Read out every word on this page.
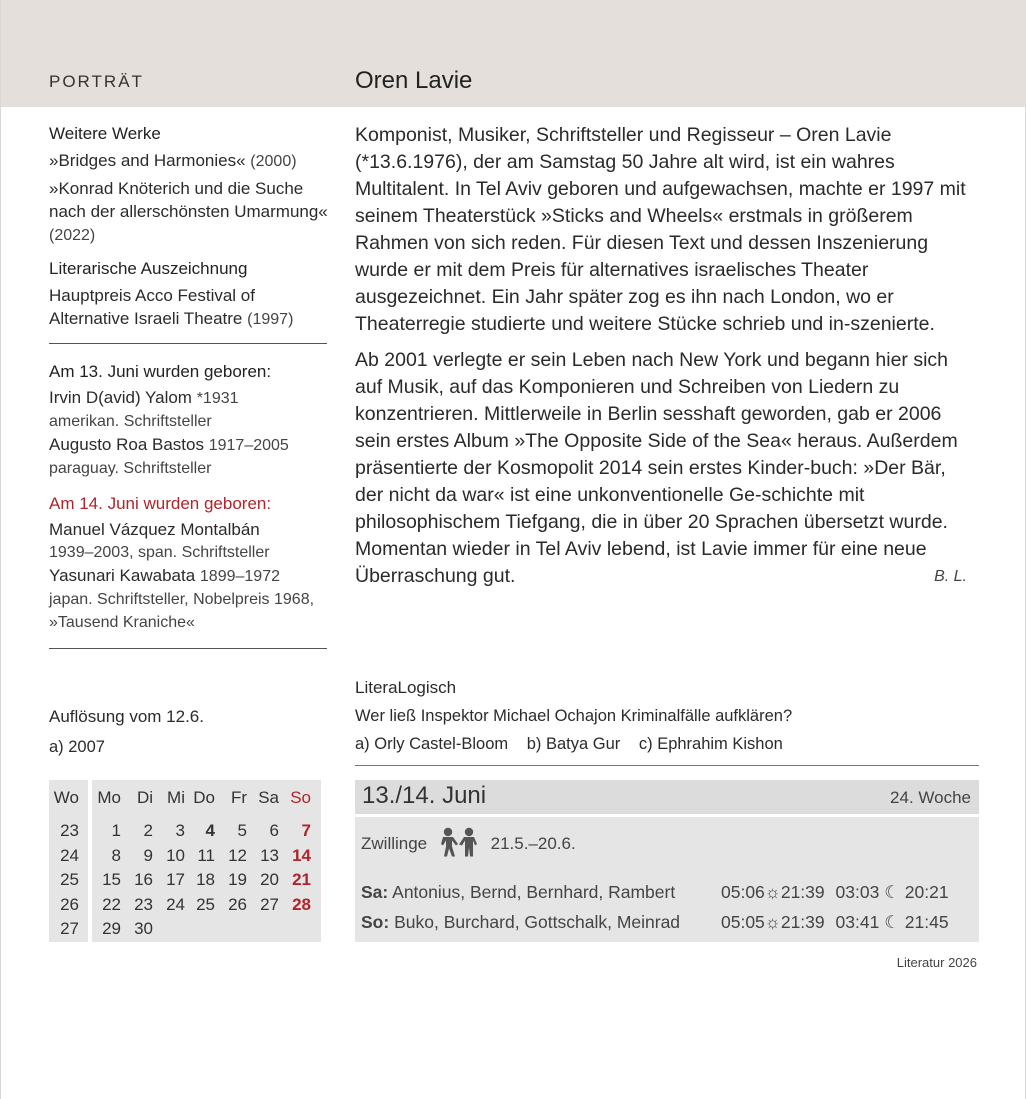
PORTRÄT	Oren Lavie
Weitere Werke
»Bridges and Harmonies« (2000)
»Konrad Knöterich und die Suche nach der allerschönsten Umarmung« (2022)
Literarische Auszeichnung
Hauptpreis Acco Festival of Alternative Israeli Theatre (1997)
Am 13. Juni wurden geboren:
Irvin D(avid) Yalom *1931
amerikan. Schriftsteller
Augusto Roa Bastos 1917–2005
paraguay. Schriftsteller
Am 14. Juni wurden geboren:
Manuel Vázquez Montalbán
1939–2003, span. Schriftsteller
Yasunari Kawabata 1899–1972
japan. Schriftsteller, Nobelpreis 1968, »Tausend Kraniche«

Komponist, Musiker, Schriftsteller und Regisseur – Oren Lavie (*13.6.1976), der am Samstag 50 Jahre alt wird, ist ein wahres Multitalent. In Tel Aviv geboren und aufgewachsen, machte er 1997 mit seinem Theaterstück »Sticks and Wheels« erstmals in größerem Rahmen von sich reden. Für diesen Text und dessen Inszenierung wurde er mit dem Preis für alternatives israelisches Theater ausgezeichnet. Ein Jahr später zog es ihn nach London, wo er Theaterregie studierte und weitere Stücke schrieb und in-szenierte.

Ab 2001 verlegte er sein Leben nach New York und begann hier sich auf Musik, auf das Komponieren und Schreiben von Liedern zu konzentrieren. Mittlerweile in Berlin sesshaft geworden, gab er 2006 sein erstes Album »The Opposite Side of the Sea« heraus. Außerdem präsentierte der Kosmopolit 2014 sein erstes Kinder-buch: »Der Bär, der nicht da war« ist eine unkonventionelle Ge-schichte mit philosophischem Tiefgang, die in über 20 Sprachen übersetzt wurde. Momentan wieder in Tel Aviv lebend, ist Lavie immer für eine neue Überraschung gut.	B. L.

LiteraLogisch
Wer ließ Inspektor Michael Ochajon Kriminalfälle aufklären?
a) Orly Castel-Bloom b) Batya Gur c) Ephrahim Kishon
Auflösung vom 12.6.
a) 2007
Wo Mo Di Mi Do Fr Sa So
23	1	2	3	4	5	6	7
24	8	9 10 11 12 13 14
25	15 16 17 18 19 20 21
26	22 23 24 25 26 27 28
27	29 30
13./14. Juni	24. Woche
Zwillinge	21.5.–20.6.
Sa: Antonius, Bernd, Bernhard, Rambert	05:06☼21:39 03:03 ☾ 20:21
So: Buko, Burchard, Gottschalk, Meinrad 05:05☼21:39 03:41 ☾ 21:45
Literatur 2026
